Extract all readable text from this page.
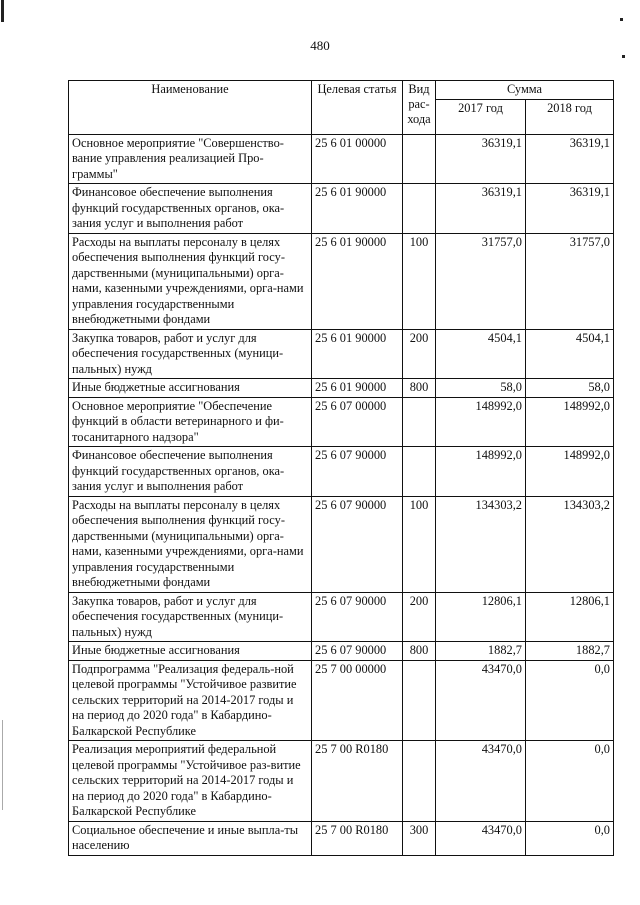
480
Наименование	Целевая статья	Вид рас-хода	Сумма	
			2017 год	2018 год
Основное мероприятие "Совершенство-вание управления реализацией Про-граммы"	25 6 01 00000		36319,1	36319,1
Финансовое обеспечение выполнения функций государственных органов, ока-зания услуг и выполнения работ	25 6 01 90000		36319,1	36319,1
Расходы на выплаты персоналу в целях обеспечения выполнения функций госу-дарственными (муниципальными) орга-нами, казенными учреждениями, орга-нами управления государственными внебюджетными фондами	25 6 01 90000	100	31757,0	31757,0
Закупка товаров, работ и услуг для обеспечения государственных (муници-пальных) нужд	25 6 01 90000	200	4504,1	4504,1
Иные бюджетные ассигнования	25 6 01 90000	800	58,0	58,0
Основное мероприятие "Обеспечение функций в области ветеринарного и фи-тосанитарного надзора"	25 6 07 00000		148992,0	148992,0
Финансовое обеспечение выполнения функций государственных органов, ока-зания услуг и выполнения работ	25 6 07 90000		148992,0	148992,0
Расходы на выплаты персоналу в целях обеспечения выполнения функций госу-дарственными (муниципальными) орга-нами, казенными учреждениями, орга-нами управления государственными внебюджетными фондами	25 6 07 90000	100	134303,2	134303,2
Закупка товаров, работ и услуг для обеспечения государственных (муници-пальных) нужд	25 6 07 90000	200	12806,1	12806,1
Иные бюджетные ассигнования	25 6 07 90000	800	1882,7	1882,7
Подпрограмма "Реализация федераль-ной целевой программы "Устойчивое развитие сельских территорий на 2014-2017 годы и на период до 2020 года" в Кабардино-Балкарской Республике	25 7 00 00000		43470,0	0,0
Реализация мероприятий федеральной целевой программы "Устойчивое раз-витие сельских территорий на 2014-2017 годы и на период до 2020 года" в Кабардино-Балкарской Республике	25 7 00 R0180		43470,0	0,0
Социальное обеспечение и иные выпла-ты населению	25 7 00 R0180	300	43470,0	0,0
